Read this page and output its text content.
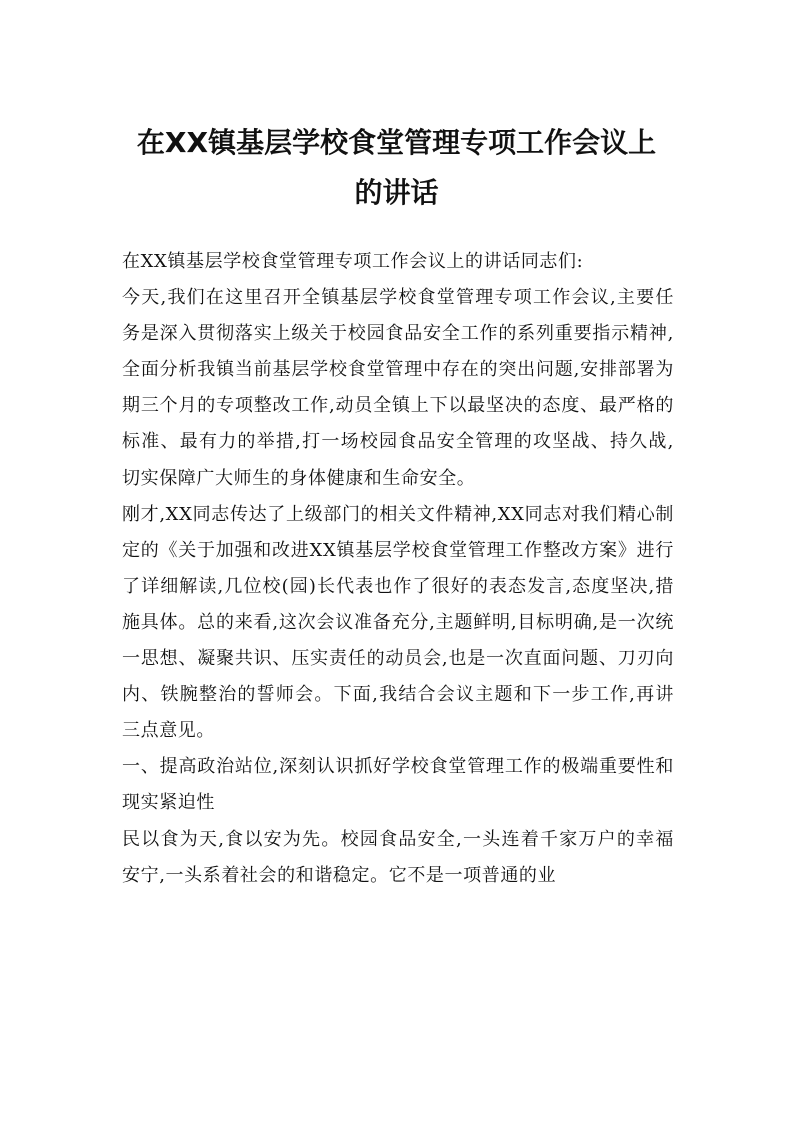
在XX镇基层学校食堂管理专项工作会议上
的讲话

在XX镇基层学校食堂管理专项工作会议上的讲话同志们:

今天,我们在这里召开全镇基层学校食堂管理专项工作会议,主要任务是深入贯彻落实上级关于校园食品安全工作的系列重要指示精神,全面分析我镇当前基层学校食堂管理中存在的突出问题,安排部署为期三个月的专项整改工作,动员全镇上下以最坚决的态度、最严格的标准、最有力的举措,打一场校园食品安全管理的攻坚战、持久战,切实保障广大师生的身体健康和生命安全。

刚才,XX同志传达了上级部门的相关文件精神,XX同志对我们精心制定的《关于加强和改进XX镇基层学校食堂管理工作整改方案》进行了详细解读,几位校(园)长代表也作了很好的表态发言,态度坚决,措施具体。总的来看,这次会议准备充分,主题鲜明,目标明确,是一次统一思想、凝聚共识、压实责任的动员会,也是一次直面问题、刀刃向内、铁腕整治的誓师会。下面,我结合会议主题和下一步工作,再讲三点意见。

一、提高政治站位,深刻认识抓好学校食堂管理工作的极端重要性和现实紧迫性

民以食为天,食以安为先。校园食品安全,一头连着千家万户的幸福安宁,一头系着社会的和谐稳定。它不是一项普通的业
